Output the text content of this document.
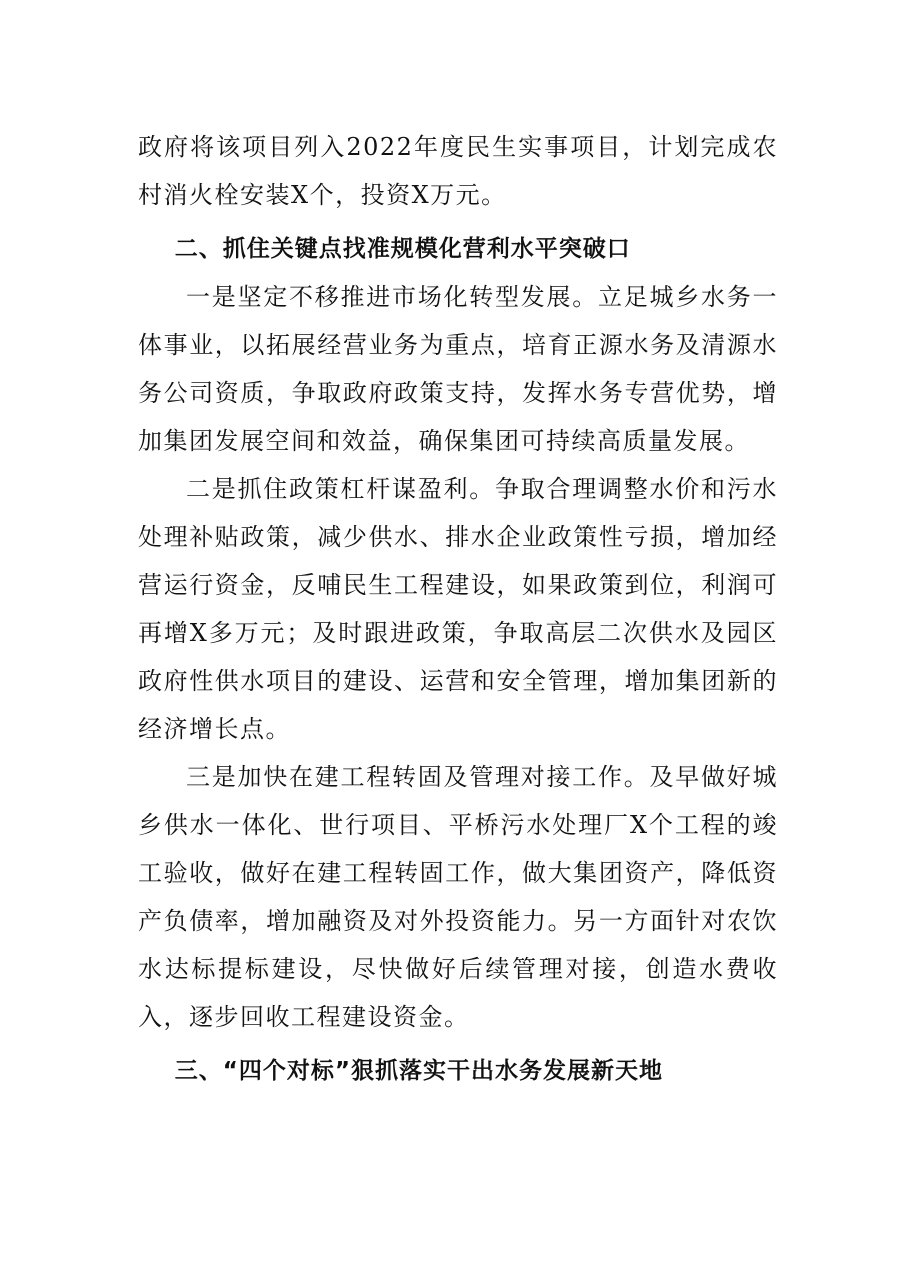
政府将该项目列入2022年度民生实事项目，计划完成农村消火栓安装X个，投资X万元。

二、抓住关键点找准规模化营利水平突破口

一是坚定不移推进市场化转型发展。立足城乡水务一体事业，以拓展经营业务为重点，培育正源水务及清源水务公司资质，争取政府政策支持，发挥水务专营优势，增加集团发展空间和效益，确保集团可持续高质量发展。

二是抓住政策杠杆谋盈利。争取合理调整水价和污水处理补贴政策，减少供水、排水企业政策性亏损，增加经营运行资金，反哺民生工程建设，如果政策到位，利润可再增X多万元；及时跟进政策，争取高层二次供水及园区政府性供水项目的建设、运营和安全管理，增加集团新的经济增长点。

三是加快在建工程转固及管理对接工作。及早做好城乡供水一体化、世行项目、平桥污水处理厂X个工程的竣工验收，做好在建工程转固工作，做大集团资产，降低资产负债率，增加融资及对外投资能力。另一方面针对农饮水达标提标建设，尽快做好后续管理对接，创造水费收入，逐步回收工程建设资金。

三、“四个对标”狠抓落实干出水务发展新天地
